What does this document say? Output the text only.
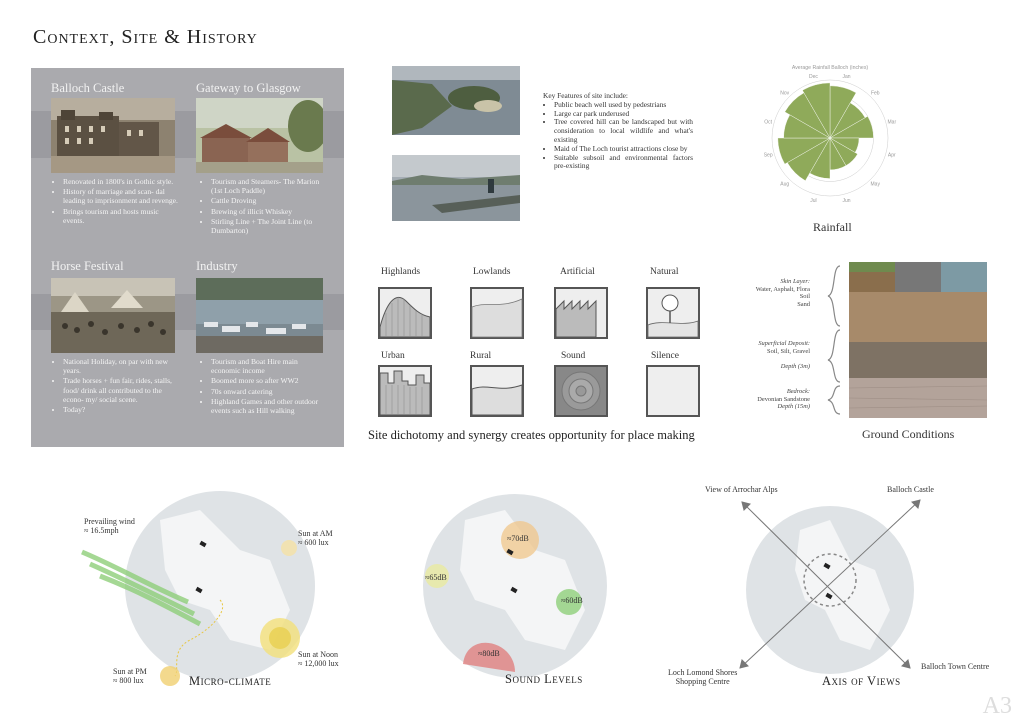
Context, Site & History
Balloch Castle	Gateway to Glasgow
• Renovated in 1800's in Gothic style.
• History of marriage and scan- dal leading to imprisonment and revenge.
• Brings tourism and hosts music events.
• Tourism and Steamers- The Marion (1st Loch Paddle)
• Cattle Droving
• Brewing of illicit Whiskey
• Stirling Line + The Joint Line (to Dumbarton)
Horse Festival	Industry
• National Holiday, on par with new years.
• Trade horses + fun fair, rides, stalls, food/ drink all contributed to the econo- my/ social scene.
• Today?
• Tourism and Boat Hire main economic income
• Boomed more so after WW2
• 70s onward catering
• Highland Games and other outdoor events such as Hill walking
Key Features of site include:
• Public beach well used by pedestrians
• Large car park underused
• Tree covered hill can be landscaped but with consideration to local wildlife and what's existing
• Maid of The Loch tourist attractions close by
• Suitable subsoil and environmental factors pre-existing
Average Rainfall Balloch (inches)
Jan
Feb
Mar
Apr
May
Jun
Jul
Aug
Sep
Oct
Nov
Dec
Rainfall
Highlands	Lowlands	Artificial	Natural
Urban	Rural	Sound	Silence
Site dichotomy and synergy creates opportunity for place making
Skin Layer:
Water, Asphalt, Flora
Soil
Sand
Superficial Deposit:
Soil, Silt, Gravel
Depth (3m)
Bedrock:
Devonian Sandstone
Depth (15m)
Ground Conditions
Prevailing wind
≈ 16.5mph	Sun at AM
≈ 600 lux
Sun at Noon
≈ 12,000 lux
Sun at PM
≈ 800 lux	Micro-climate
≈70dB
≈65dB
≈60dB
≈80dB
Sound Levels
View of Arrochar Alps	Balloch Castle
Loch Lomond Shores
Shopping Centre
Balloch Town Centre
Axis of Views
A3
